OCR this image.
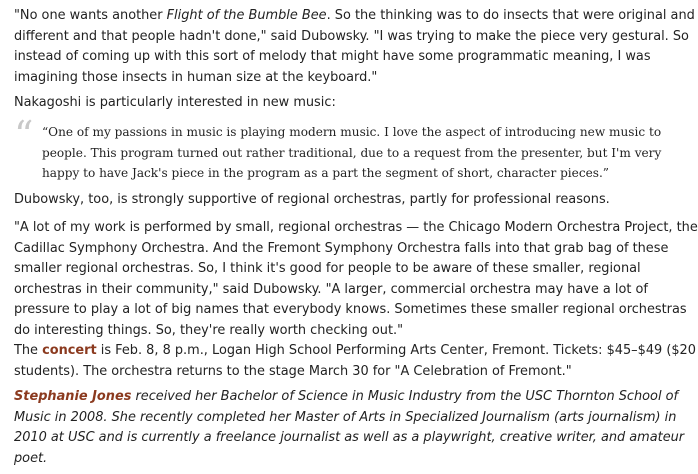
"No one wants another Flight of the Bumble Bee. So the thinking was to do insects that were original and
different and that people hadn't done," said Dubowsky. "I was trying to make the piece very gestural. So
instead of coming up with this sort of melody that might have some programmatic meaning, I was
imagining those insects in human size at the keyboard."

Nakagoshi is particularly interested in new music:

“ “One of my passions in music is playing modern music. I love the aspect of introducing new music to
people. This program turned out rather traditional, due to a request from the presenter, but I'm very
happy to have Jack's piece in the program as a part the segment of short, character pieces.”

Dubowsky, too, is strongly supportive of regional orchestras, partly for professional reasons.

"A lot of my work is performed by small, regional orchestras — the Chicago Modern Orchestra Project, the
Cadillac Symphony Orchestra. And the Fremont Symphony Orchestra falls into that grab bag of these
smaller regional orchestras. So, I think it's good for people to be aware of these smaller, regional
orchestras in their community," said Dubowsky. "A larger, commercial orchestra may have a lot of
pressure to play a lot of big names that everybody knows. Sometimes these smaller regional orchestras
do interesting things. So, they're really worth checking out."

The concert is Feb. 8, 8 p.m., Logan High School Performing Arts Center, Fremont. Tickets: $45–$49 ($20
students). The orchestra returns to the stage March 30 for "A Celebration of Fremont."

Stephanie Jones received her Bachelor of Science in Music Industry from the USC Thornton School of
Music in 2008. She recently completed her Master of Arts in Specialized Journalism (arts journalism) in
2010 at USC and is currently a freelance journalist as well as a playwright, creative writer, and amateur
poet.
